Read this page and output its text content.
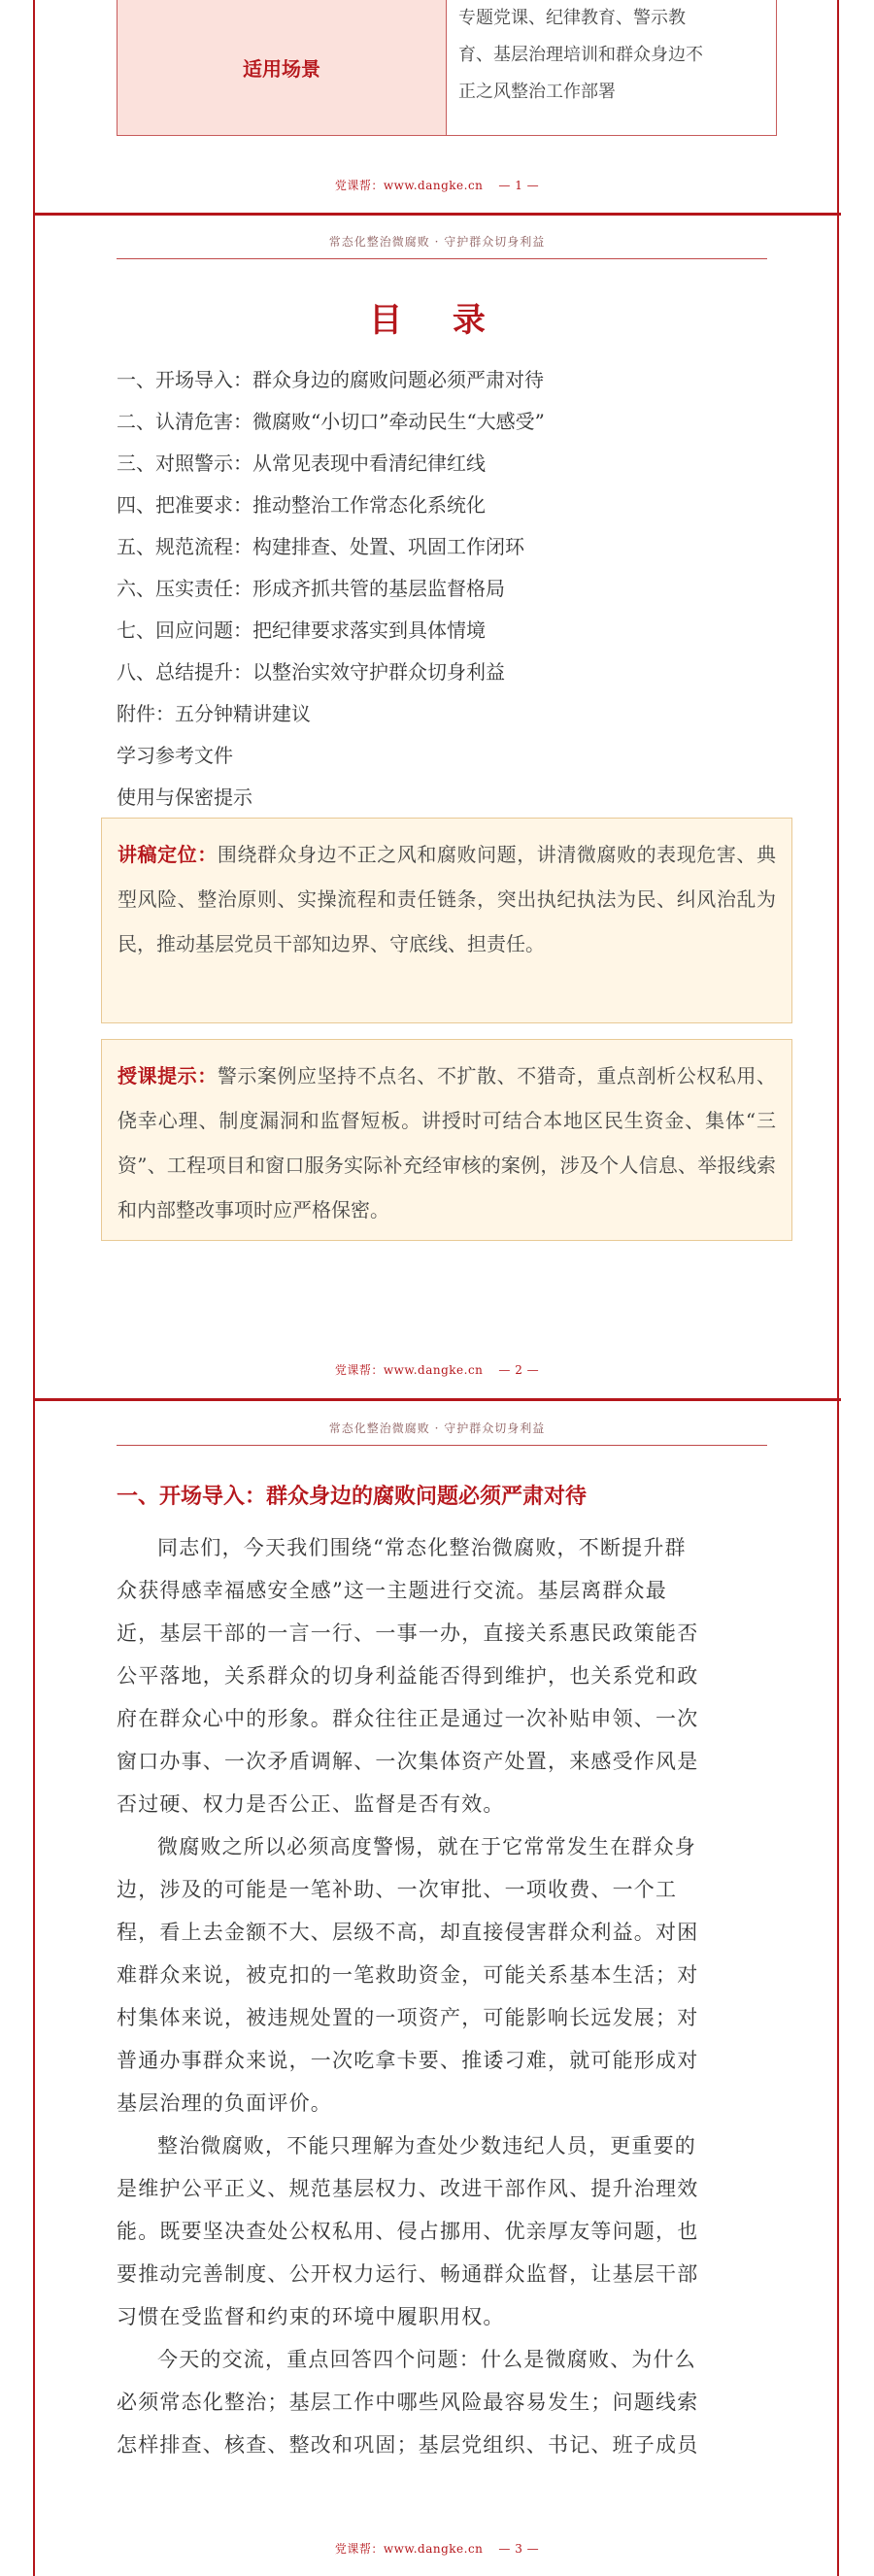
适用场景
专题党课、纪律教育、警示教
育、基层治理培训和群众身边不
正之风整治工作部署
党课帮：www.dangke.cn — 1 —
常态化整治微腐败 · 守护群众切身利益
目 录
一、开场导入：群众身边的腐败问题必须严肃对待
二、认清危害：微腐败“小切口”牵动民生“大感受”
三、对照警示：从常见表现中看清纪律红线
四、把准要求：推动整治工作常态化系统化
五、规范流程：构建排查、处置、巩固工作闭环
六、压实责任：形成齐抓共管的基层监督格局
七、回应问题：把纪律要求落实到具体情境
八、总结提升：以整治实效守护群众切身利益
附件：五分钟精讲建议
学习参考文件
使用与保密提示
讲稿定位：围绕群众身边不正之风和腐败问题，讲清微腐败的表现危害、典型风险、整治原则、实操流程和责任链条，突出执纪执法为民、纠风治乱为民，推动基层党员干部知边界、守底线、担责任。
授课提示：警示案例应坚持不点名、不扩散、不猎奇，重点剖析公权私用、侥幸心理、制度漏洞和监督短板。讲授时可结合本地区民生资金、集体“三资”、工程项目和窗口服务实际补充经审核的案例，涉及个人信息、举报线索和内部整改事项时应严格保密。
党课帮：www.dangke.cn — 2 —
常态化整治微腐败 · 守护群众切身利益
一、开场导入：群众身边的腐败问题必须严肃对待
同志们，今天我们围绕“常态化整治微腐败，不断提升群
众获得感幸福感安全感”这一主题进行交流。基层离群众最
近，基层干部的一言一行、一事一办，直接关系惠民政策能否
公平落地，关系群众的切身利益能否得到维护，也关系党和政
府在群众心中的形象。群众往往正是通过一次补贴申领、一次
窗口办事、一次矛盾调解、一次集体资产处置，来感受作风是
否过硬、权力是否公正、监督是否有效。
微腐败之所以必须高度警惕，就在于它常常发生在群众身
边，涉及的可能是一笔补助、一次审批、一项收费、一个工
程，看上去金额不大、层级不高，却直接侵害群众利益。对困
难群众来说，被克扣的一笔救助资金，可能关系基本生活；对
村集体来说，被违规处置的一项资产，可能影响长远发展；对
普通办事群众来说，一次吃拿卡要、推诿刁难，就可能形成对
基层治理的负面评价。
整治微腐败，不能只理解为查处少数违纪人员，更重要的
是维护公平正义、规范基层权力、改进干部作风、提升治理效
能。既要坚决查处公权私用、侵占挪用、优亲厚友等问题，也
要推动完善制度、公开权力运行、畅通群众监督，让基层干部
习惯在受监督和约束的环境中履职用权。
今天的交流，重点回答四个问题：什么是微腐败、为什么
必须常态化整治；基层工作中哪些风险最容易发生；问题线索
怎样排查、核查、整改和巩固；基层党组织、书记、班子成员
党课帮：www.dangke.cn — 3 —
